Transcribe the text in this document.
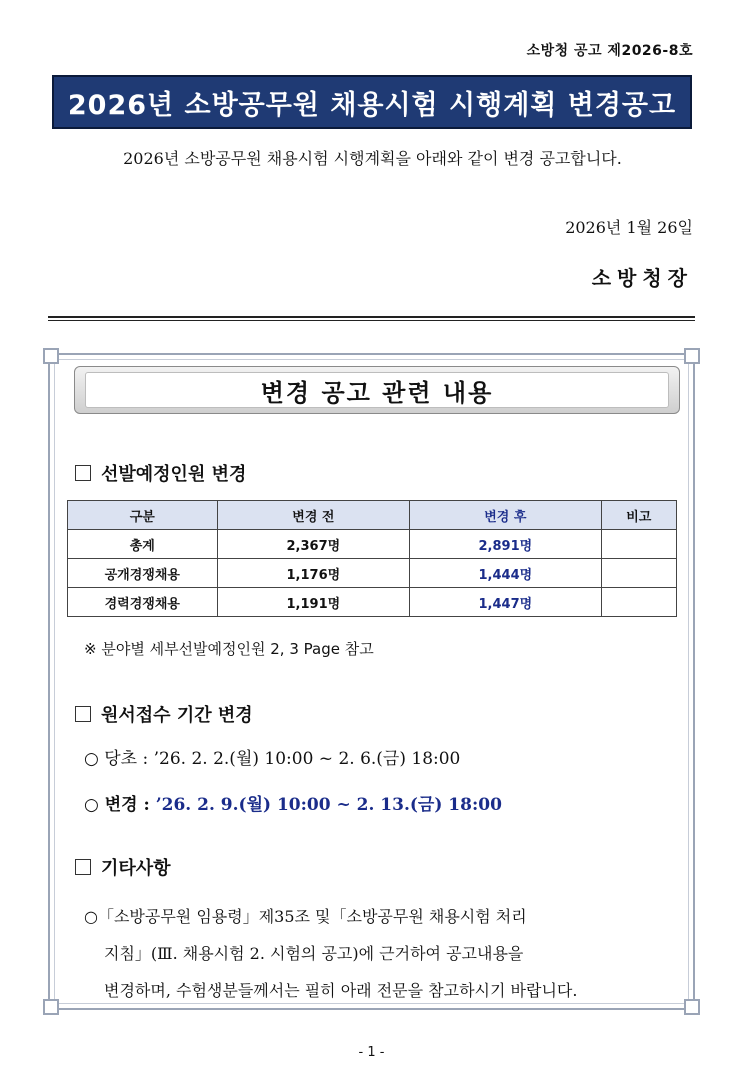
소방청 공고 제2026-8호
2026년 소방공무원 채용시험 시행계획 변경공고
2026년 소방공무원 채용시험 시행계획을 아래와 같이 변경 공고합니다.
2026년 1월 26일
소방청장
변경 공고 관련 내용
선발예정인원 변경
구분	변경 전	변경 후	비고
총계	2,367명	2,891명	
공개경쟁채용	1,176명	1,444명	
경력경쟁채용	1,191명	1,447명	
※ 분야별 세부선발예정인원 2, 3 Page 참고
원서접수 기간 변경
○ 당초 : ’26. 2. 2.(월) 10:00 ~ 2. 6.(금) 18:00
○ 변경 : ’26. 2. 9.(월) 10:00 ~ 2. 13.(금) 18:00
기타사항
○「소방공무원 임용령」제35조 및「소방공무원 채용시험 처리
지침」(Ⅲ. 채용시험 2. 시험의 공고)에 근거하여 공고내용을
변경하며, 수험생분들께서는 필히 아래 전문을 참고하시기 바랍니다.
- 1 -
